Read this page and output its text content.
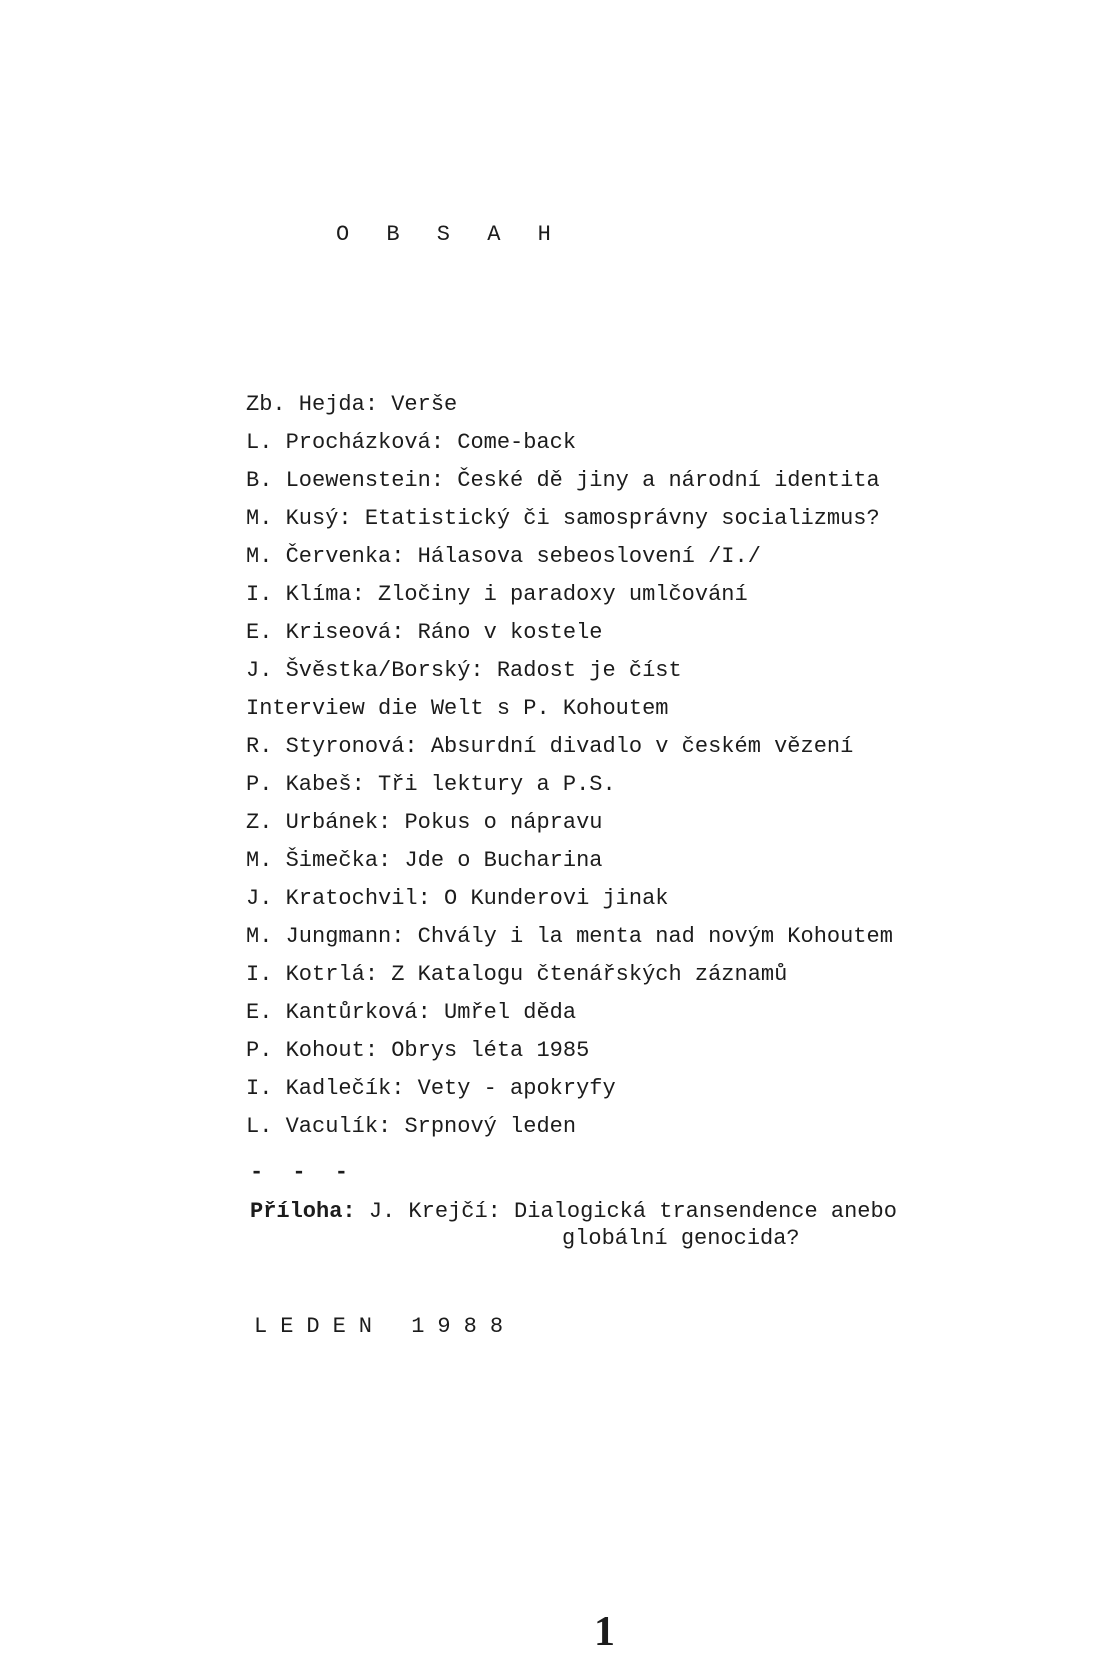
O B S A H
Zb. Hejda: Verše
L. Procházková: Come-back
B. Loewenstein: České dě jiny a národní identita
M. Kusý: Etatistický či samosprávny socializmus?
M. Červenka: Hálasova sebeoslovení /I./
I. Klíma: Zločiny i paradoxy umlčování
E. Kriseová: Ráno v kostele
J. Švěstka/Borský: Radost je číst
Interview die Welt s P. Kohoutem
R. Styronová: Absurdní divadlo v českém vězení
P. Kabeš: Tři lektury a P.S.
Z. Urbánek: Pokus o nápravu
M. Šimečka: Jde o Bucharina
J. Kratochvil: O Kunderovi jinak
M. Jungmann: Chvály i la menta nad novým Kohoutem
I. Kotrlá: Z Katalogu čtenářských záznamů
E. Kantůrková: Umřel děda
P. Kohout: Obrys léta 1985
I. Kadlečík: Vety - apokryfy
L. Vaculík: Srpnový leden
- - -
Příloha: J. Krejčí: Dialogická transendence anebo
globální genocida?
LEDEN 1988
1
